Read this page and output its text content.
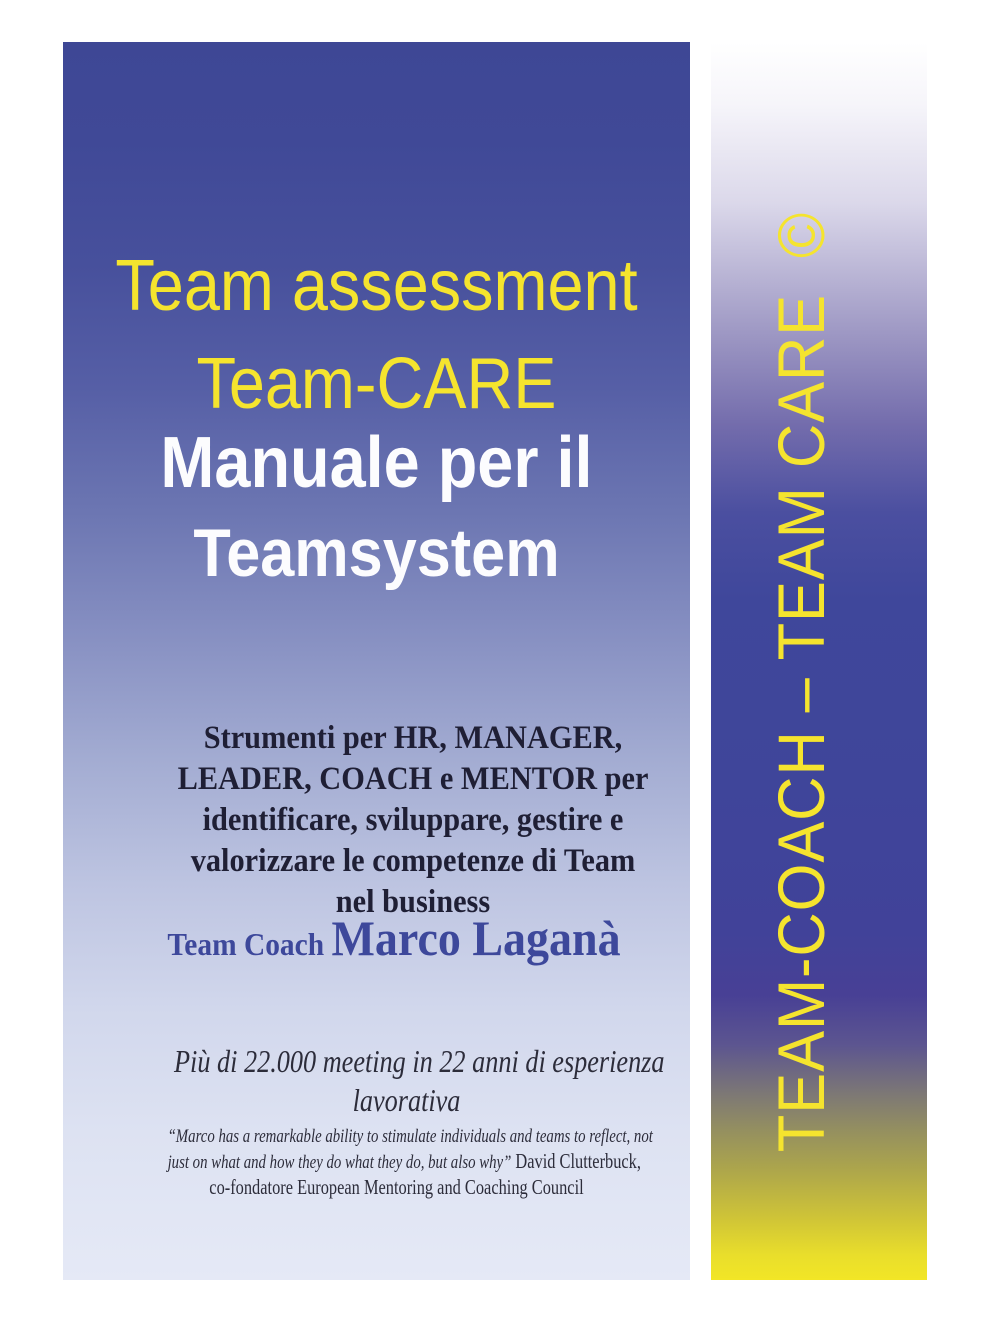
Team assessment
Team-CARE
Manuale per il
Teamsystem
Strumenti per HR, MANAGER,
LEADER, COACH e MENTOR per
identificare, sviluppare, gestire e
valorizzare le competenze di Team
nel business
Team Coach Marco Laganà
Più di 22.000 meeting in 22 anni di esperienza
lavorativa
“Marco has a remarkable ability to stimulate individuals and teams to reflect, not
just on what and how they do what they do, but also why” David Clutterbuck,
co-fondatore European Mentoring and Coaching Council
TEAM-COACH – TEAM CARE  ©
